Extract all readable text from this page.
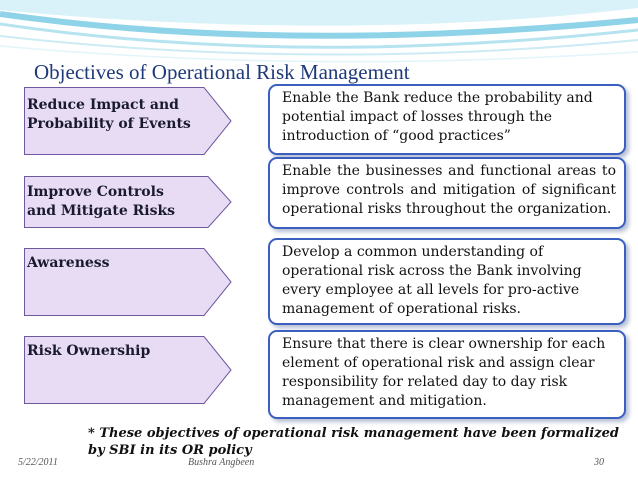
Objectives of Operational Risk Management
Reduce Impact and Probability of Events
Enable the Bank reduce the probability and potential impact of losses through the introduction of “good practices”
Improve Controls and Mitigate Risks
Enable the businesses and functional areas to improve controls and mitigation of significant operational risks throughout the organization.
Awareness
Develop a common understanding of operational risk across the Bank involving every employee at all levels for pro-active management of operational risks.
Risk Ownership	Ensure that there is clear ownership for each element of operational risk and assign clear responsibility for related day to day risk management and mitigation.
* These objectives of operational risk management have been formalized by SBI in its OR policy
5/22/2011	Bushra Angbeen	30
